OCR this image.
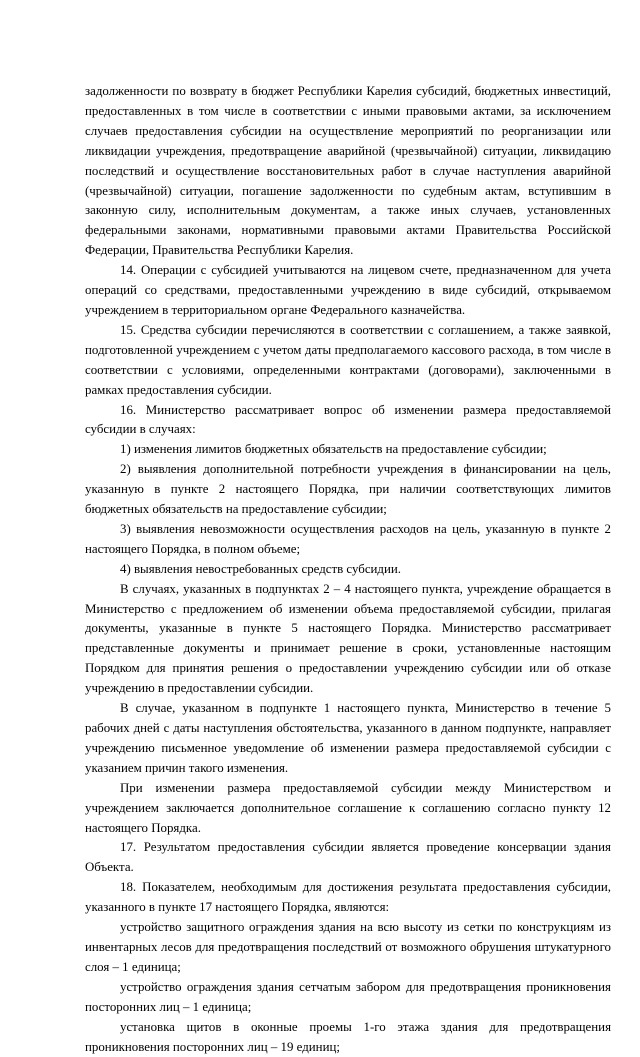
задолженности по возврату в бюджет Республики Карелия субсидий, бюджетных инвестиций, предоставленных в том числе в соответствии с иными правовыми актами, за исключением случаев предоставления субсидии на осуществление мероприятий по реорганизации или ликвидации учреждения, предотвращение аварийной (чрезвычайной) ситуации, ликвидацию последствий и осуществление восстановительных работ в случае наступления аварийной (чрезвычайной) ситуации, погашение задолженности по судебным актам, вступившим в законную силу, исполнительным документам, а также иных случаев, установленных федеральными законами, нормативными правовыми актами Правительства Российской Федерации, Правительства Республики Карелия.

14. Операции с субсидией учитываются на лицевом счете, предназначенном для учета операций со средствами, предоставленными учреждению в виде субсидий, открываемом учреждением в территориальном органе Федерального казначейства.

15. Средства субсидии перечисляются в соответствии с соглашением, а также заявкой, подготовленной учреждением с учетом даты предполагаемого кассового расхода, в том числе в соответствии с условиями, определенными контрактами (договорами), заключенными в рамках предоставления субсидии.

16. Министерство рассматривает вопрос об изменении размера предоставляемой субсидии в случаях:

1) изменения лимитов бюджетных обязательств на предоставление субсидии;

2) выявления дополнительной потребности учреждения в финансировании на цель, указанную в пункте 2 настоящего Порядка, при наличии соответствующих лимитов бюджетных обязательств на предоставление субсидии;

3) выявления невозможности осуществления расходов на цель, указанную в пункте 2 настоящего Порядка, в полном объеме;

4) выявления невостребованных средств субсидии.

В случаях, указанных в подпунктах 2 – 4 настоящего пункта, учреждение обращается в Министерство с предложением об изменении объема предоставляемой субсидии, прилагая документы, указанные в пункте 5 настоящего Порядка. Министерство рассматривает представленные документы и принимает решение в сроки, установленные настоящим Порядком для принятия решения о предоставлении учреждению субсидии или об отказе учреждению в предоставлении субсидии.

В случае, указанном в подпункте 1 настоящего пункта, Министерство в течение 5 рабочих дней с даты наступления обстоятельства, указанного в данном подпункте, направляет учреждению письменное уведомление об изменении размера предоставляемой субсидии с указанием причин такого изменения.

При изменении размера предоставляемой субсидии между Министерством и учреждением заключается дополнительное соглашение к соглашению согласно пункту 12 настоящего Порядка.

17. Результатом предоставления субсидии является проведение консервации здания Объекта.

18. Показателем, необходимым для достижения результата предоставления субсидии, указанного в пункте 17 настоящего Порядка, являются:

устройство защитного ограждения здания на всю высоту из сетки по конструкциям из инвентарных лесов для предотвращения последствий от возможного обрушения штукатурного слоя – 1 единица;

устройство ограждения здания сетчатым забором для предотвращения проникновения посторонних лиц – 1 единица;

установка щитов в оконные проемы 1-го этажа здания для предотвращения проникновения посторонних лиц – 19 единиц;
